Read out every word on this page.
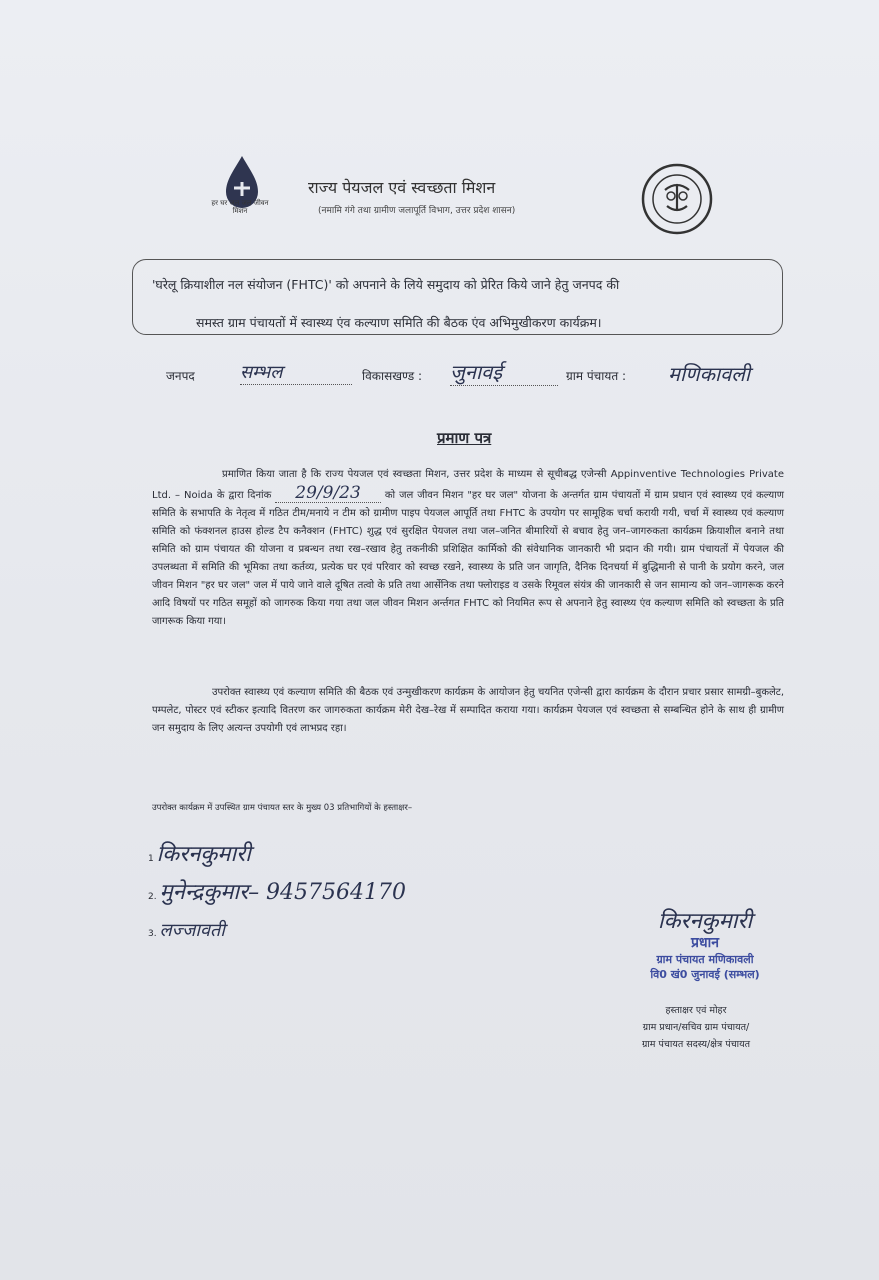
हर घर जल जल जीवन मिशन
राज्य पेयजल एवं स्वच्छता मिशन
(नमामि गंगे तथा ग्रामीण जलापूर्ति विभाग, उत्तर प्रदेश शासन)
'घरेलू क्रियाशील नल संयोजन (FHTC)' को अपनाने के लिये समुदाय को प्रेरित किये जाने हेतु जनपद की
समस्त ग्राम पंचायतों में स्वास्थ्य एंव कल्याण समिति की बैठक एंव अभिमुखीकरण कार्यक्रम।
जनपद	सम्भल	विकासखण्ड : जुनावई	ग्राम पंचायत : मणिकावली
प्रमाण पत्र

प्रमाणित किया जाता है कि राज्य पेयजल एवं स्वच्छता मिशन, उत्तर प्रदेश के माध्यम से सूचीबद्ध एजेन्सी Appinventive Technologies Private Ltd. – Noida के द्वारा दिनांक 29/9/23 को जल जीवन मिशन "हर घर जल" योजना के अन्तर्गत ग्राम पंचायतों में ग्राम प्रधान एवं स्वास्थ्य एवं कल्याण समिति के सभापति के नेतृत्व में गठित टीम/मनाये न टीम को ग्रामीण पाइप पेयजल आपूर्ति तथा FHTC के उपयोग पर सामूहिक चर्चा करायी गयी, चर्चा में स्वास्थ्य एवं कल्याण समिति को फंक्शनल हाउस होल्ड टैप कनैक्शन (FHTC) शुद्ध एवं सुरक्षित पेयजल तथा जल–जनित बीमारियों से बचाव हेतु जन–जागरुकता कार्यक्रम क्रियाशील बनाने तथा समिति को ग्राम पंचायत की योजना व प्रबन्धन तथा रख–रखाव हेतु तकनीकी प्रशिक्षित कार्मिको की संवेधानिक जानकारी भी प्रदान की गयी। ग्राम पंचायतों में पेयजल की उपलब्धता में समिति की भूमिका तथा कर्तव्य, प्रत्येक घर एवं परिवार को स्वच्छ रखने, स्वास्थ्य के प्रति जन जागृति, दैनिक दिनचर्या में बुद्धिमानी से पानी के प्रयोग करने, जल जीवन मिशन "हर घर जल" जल में पाये जाने वाले दूषित तत्वो के प्रति तथा आर्सेनिक तथा फ्लोराइड व उसके रिमूवल संयंत्र की जानकारी से जन सामान्य को जन–जागरूक करने आदि विषयों पर गठित समूहों को जागरुक किया गया तथा जल जीवन मिशन अर्न्तगत FHTC को नियमित रूप से अपनाने हेतु स्वास्थ्य एंव कल्याण समिति को स्वच्छता के प्रति जागरूक किया गया।

उपरोक्त स्वास्थ्य एवं कल्याण समिति की बैठक एवं उन्मुखीकरण कार्यक्रम के आयोजन हेतु चयनित एजेन्सी द्वारा कार्यक्रम के दौरान प्रचार प्रसार सामग्री–बुकलेट, पम्पलेट, पोस्टर एवं स्टीकर इत्यादि वितरण कर जागरुकता कार्यक्रम मेरी देख–रेख में सम्पादित कराया गया। कार्यक्रम पेयजल एवं स्वच्छता से सम्बन्धित होने के साथ ही ग्रामीण जन समुदाय के लिए अत्यन्त उपयोगी एवं लाभप्रद रहा।

उपरोक्त कार्यक्रम में उपस्थित ग्राम पंचायत स्तर के मुख्य 03 प्रतिभागियों के हस्ताक्षर–
1 किरनकुमारी
2. मुनेन्द्रकुमार– 9457564170
3. लज्जावती	किरनकुमारी
प्रधान
ग्राम पंचायत मणिकावली
वि0 खं0 जुनावई (सम्भल)
हस्ताक्षर एवं मोहर
ग्राम प्रधान/सचिव ग्राम पंचायत/
ग्राम पंचायत सदस्य/क्षेत्र पंचायत
